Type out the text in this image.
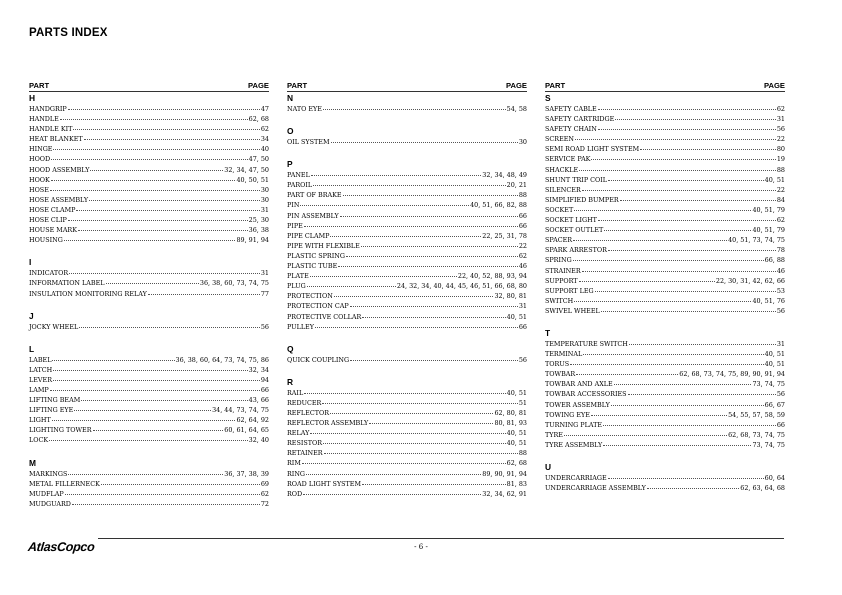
PARTS INDEX
PART	PAGE
H
HANDGRIP	47
HANDLE	62, 68
HANDLE KIT	62
HEAT BLANKET	34
HINGE	40
HOOD	47, 50
HOOD ASSEMBLY	32, 34, 47, 50
HOOK	40, 50, 51
HOSE	30
HOSE ASSEMBLY	30
HOSE CLAMP	31
HOSE CLIP	25, 30
HOUSE MARK	36, 38
HOUSING	89, 91, 94
I
INDICATOR	31
INFORMATION LABEL	36, 38, 60, 73, 74, 75
INSULATION MONITORING RELAY	77
J
JOCKY WHEEL	56
L
LABEL	36, 38, 60, 64, 73, 74, 75, 86
LATCH	32, 34
LEVER	94
LAMP	66
LIFTING BEAM	43, 66
LIFTING EYE	34, 44, 73, 74, 75
LIGHT	62, 64, 92
LIGHTING TOWER	60, 61, 64, 65
LOCK	32, 40
M
MARKINGS	36, 37, 38, 39
METAL FILLERNECK	69
MUDFLAP	62
MUDGUARD	72
PART	PAGE
N
NATO EYE	54, 58
O
OIL SYSTEM	30
P
PANEL	32, 34, 48, 49
PAROIL	20, 21
PART OF BRAKE	88
PIN	40, 51, 66, 82, 88
PIN ASSEMBLY	66
PIPE	66
PIPE CLAMP	22, 25, 31, 78
PIPE WITH FLEXIBLE	22
PLASTIC SPRING	62
PLASTIC TUBE	46
PLATE	22, 40, 52, 88, 93, 94
PLUG	24, 32, 34, 40, 44, 45, 46, 51, 66, 68, 80
PROTECTION	32, 80, 81
PROTECTION CAP	31
PROTECTIVE COLLAR	40, 51
PULLEY	66
Q
QUICK COUPLING	56
R
RAIL	40, 51
REDUCER	51
REFLECTOR	62, 80, 81
REFLECTOR ASSEMBLY	80, 81, 93
RELAY	40, 51
RESISTOR	40, 51
RETAINER	88
RIM	62, 68
RING	89, 90, 91, 94
ROAD LIGHT SYSTEM	81, 83
ROD	32, 34, 62, 91
PART	PAGE
S
SAFETY CABLE	62
SAFETY CARTRIDGE	31
SAFETY CHAIN	56
SCREEN	22
SEMI ROAD LIGHT SYSTEM	80
SERVICE PAK	19
SHACKLE	88
SHUNT TRIP COIL	40, 51
SILENCER	22
SIMPLIFIED BUMPER	84
SOCKET	40, 51, 79
SOCKET LIGHT	62
SOCKET OUTLET	40, 51, 79
SPACER	40, 51, 73, 74, 75
SPARK ARRESTOR	78
SPRING	66, 88
STRAINER	46
SUPPORT	22, 30, 31, 42, 62, 66
SUPPORT LEG	53
SWITCH	40, 51, 76
SWIVEL WHEEL	56
T
TEMPERATURE SWITCH	31
TERMINAL	40, 51
TORUS	40, 51
TOWBAR	62, 68, 73, 74, 75, 89, 90, 91, 94
TOWBAR AND AXLE	73, 74, 75
TOWBAR ACCESSORIES	56
TOWER ASSEMBLY	66, 67
TOWING EYE	54, 55, 57, 58, 59
TURNING PLATE	66
TYRE	62, 68, 73, 74, 75
TYRE ASSEMBLY	73, 74, 75
U
UNDERCARRIAGE	60, 64
UNDERCARRIAGE ASSEMBLY	62, 63, 64, 68
AtlasCopco	- 6 -
